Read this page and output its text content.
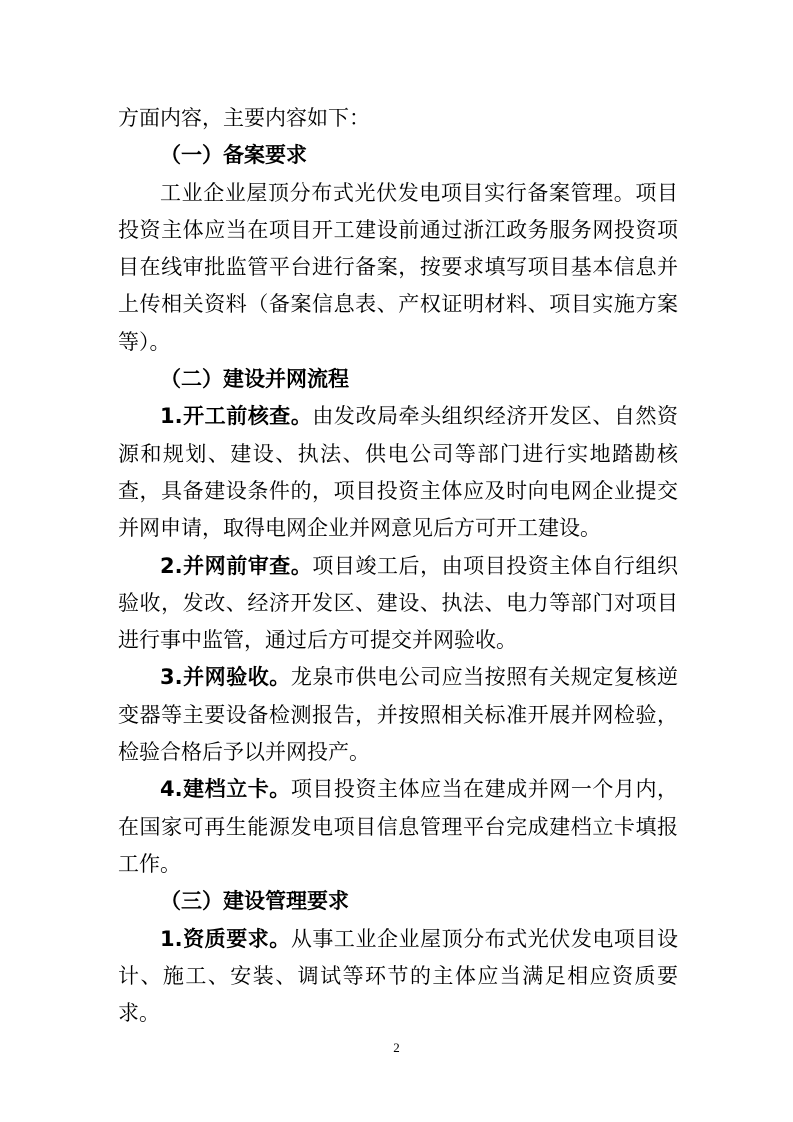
方面内容，主要内容如下：

（一）备案要求

工业企业屋顶分布式光伏发电项目实行备案管理。项目投资主体应当在项目开工建设前通过浙江政务服务网投资项目在线审批监管平台进行备案，按要求填写项目基本信息并上传相关资料（备案信息表、产权证明材料、项目实施方案等）。

（二）建设并网流程

1.开工前核查。由发改局牵头组织经济开发区、自然资源和规划、建设、执法、供电公司等部门进行实地踏勘核查，具备建设条件的，项目投资主体应及时向电网企业提交并网申请，取得电网企业并网意见后方可开工建设。

2.并网前审查。项目竣工后，由项目投资主体自行组织验收，发改、经济开发区、建设、执法、电力等部门对项目进行事中监管，通过后方可提交并网验收。

3.并网验收。龙泉市供电公司应当按照有关规定复核逆变器等主要设备检测报告，并按照相关标准开展并网检验，检验合格后予以并网投产。

4.建档立卡。项目投资主体应当在建成并网一个月内，在国家可再生能源发电项目信息管理平台完成建档立卡填报工作。

（三）建设管理要求

1.资质要求。从事工业企业屋顶分布式光伏发电项目设计、施工、安装、调试等环节的主体应当满足相应资质要求。

2
